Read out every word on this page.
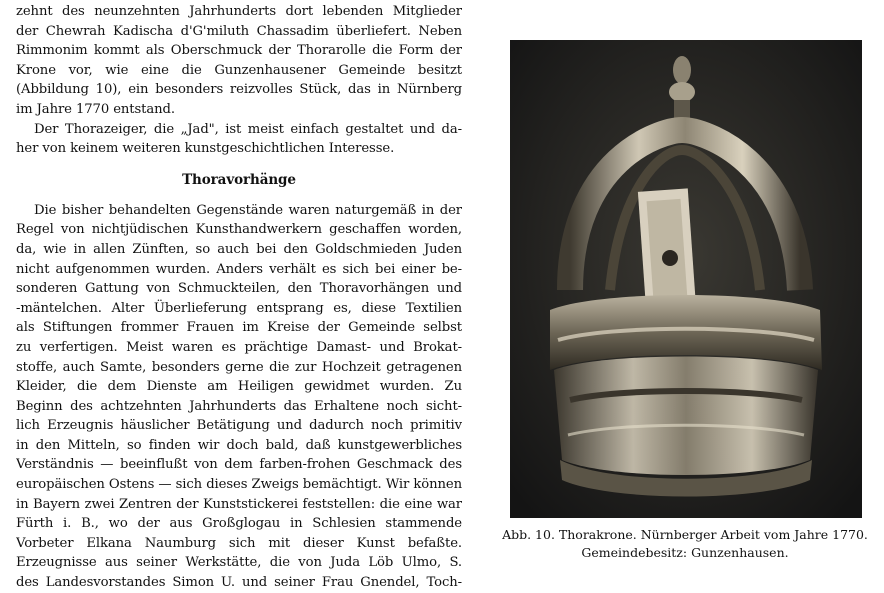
zehnt des neunzehnten Jahrhunderts dort lebenden Mitglieder
der Chewrah Kadischa d'G'miluth Chassadim überliefert. Neben
Rimmonim kommt als Oberschmuck der Thorarolle die Form der
Krone vor, wie eine die Gunzenhausener Gemeinde besitzt
(Abbildung 10), ein besonders reizvolles Stück, das in Nürnberg
im Jahre 1770 entstand.
Der Thorazeiger, die „Jad", ist meist einfach gestaltet und da-
her von keinem weiteren kunstgeschichtlichen Interesse.
Thoravorhänge
Die bisher behandelten Gegenstände waren naturgemäß in der
Regel von nichtjüdischen Kunsthandwerkern geschaffen worden,
da, wie in allen Zünften, so auch bei den Goldschmieden Juden
nicht aufgenommen wurden. Anders verhält es sich bei einer be-
sonderen Gattung von Schmuckteilen, den Thoravorhängen und
-mäntelchen. Alter Überlieferung entsprang es, diese Textilien
als Stiftungen frommer Frauen im Kreise der Gemeinde selbst
zu verfertigen. Meist waren es prächtige Damast- und Brokat-
stoffe, auch Samte, besonders gerne die zur Hochzeit getragenen
Kleider, die dem Dienste am Heiligen gewidmet wurden. Zu
Beginn des achtzehnten Jahrhunderts das Erhaltene noch sicht-
lich Erzeugnis häuslicher Betätigung und dadurch noch primitiv
in den Mitteln, so finden wir doch bald, daß kunstgewerbliches
Verständnis — beeinflußt von dem farben-frohen Geschmack des
europäischen Ostens — sich dieses Zweigs bemächtigt. Wir können
in Bayern zwei Zentren der Kunststickerei feststellen: die eine war
Fürth i. B., wo der aus Großglogau in Schlesien stammende
Vorbeter Elkana Naumburg sich mit dieser Kunst befaßte.
Erzeugnisse aus seiner Werkstätte, die von Juda Löb Ulmo, S.
des Landesvorstandes Simon U. und seiner Frau Gnendel, Toch-
Abb. 10. Thorakrone. Nürnberger Arbeit vom Jahre 1770.
Gemeindebesitz: Gunzenhausen.
